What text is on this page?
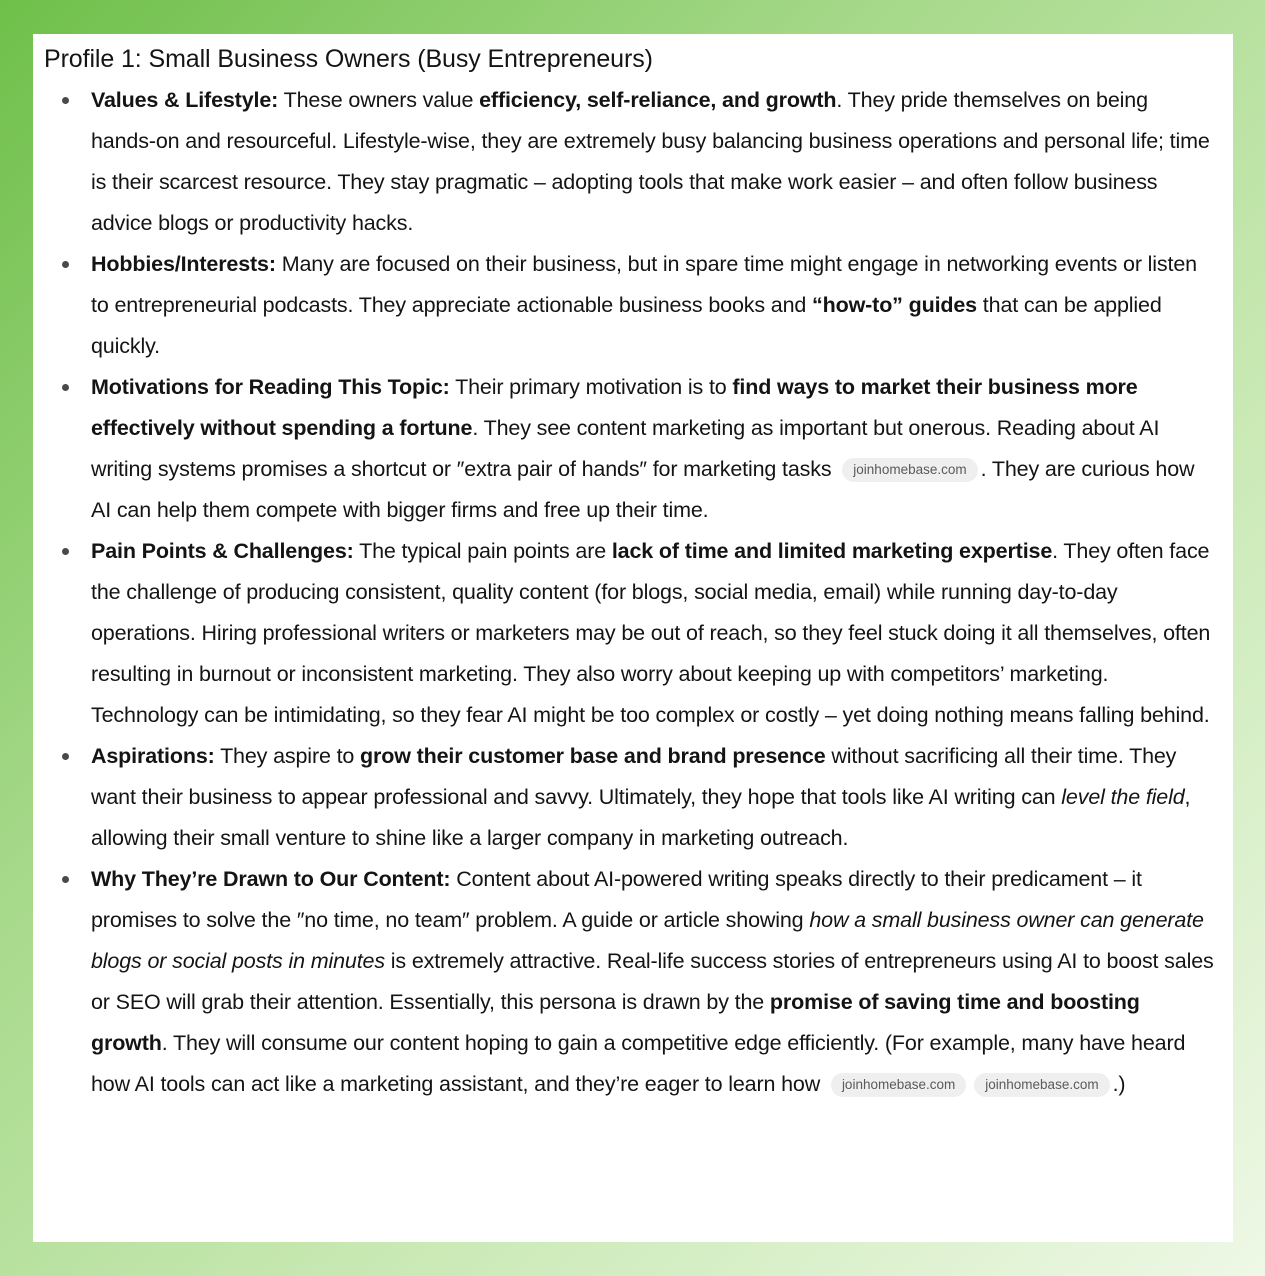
Profile 1: Small Business Owners (Busy Entrepreneurs)
Values & Lifestyle: These owners value efficiency, self-reliance, and growth. They pride themselves on being hands-on and resourceful. Lifestyle-wise, they are extremely busy balancing business operations and personal life; time is their scarcest resource. They stay pragmatic – adopting tools that make work easier – and often follow business advice blogs or productivity hacks.
Hobbies/Interests: Many are focused on their business, but in spare time might engage in networking events or listen to entrepreneurial podcasts. They appreciate actionable business books and “how-to” guides that can be applied quickly.
Motivations for Reading This Topic: Their primary motivation is to find ways to market their business more effectively without spending a fortune. They see content marketing as important but onerous. Reading about AI writing systems promises a shortcut or ″extra pair of hands″ for marketing tasks joinhomebase.com . They are curious how AI can help them compete with bigger firms and free up their time.
Pain Points & Challenges: The typical pain points are lack of time and limited marketing expertise. They often face the challenge of producing consistent, quality content (for blogs, social media, email) while running day-to-day operations. Hiring professional writers or marketers may be out of reach, so they feel stuck doing it all themselves, often resulting in burnout or inconsistent marketing. They also worry about keeping up with competitors’ marketing. Technology can be intimidating, so they fear AI might be too complex or costly – yet doing nothing means falling behind.
Aspirations: They aspire to grow their customer base and brand presence without sacrificing all their time. They want their business to appear professional and savvy. Ultimately, they hope that tools like AI writing can level the field, allowing their small venture to shine like a larger company in marketing outreach.
Why They’re Drawn to Our Content: Content about AI-powered writing speaks directly to their predicament – it promises to solve the ″no time, no team″ problem. A guide or article showing how a small business owner can generate blogs or social posts in minutes is extremely attractive. Real-life success stories of entrepreneurs using AI to boost sales or SEO will grab their attention. Essentially, this persona is drawn by the promise of saving time and boosting growth. They will consume our content hoping to gain a competitive edge efficiently. (For example, many have heard how AI tools can act like a marketing assistant, and they’re eager to learn how joinhomebase.com joinhomebase.com .)
